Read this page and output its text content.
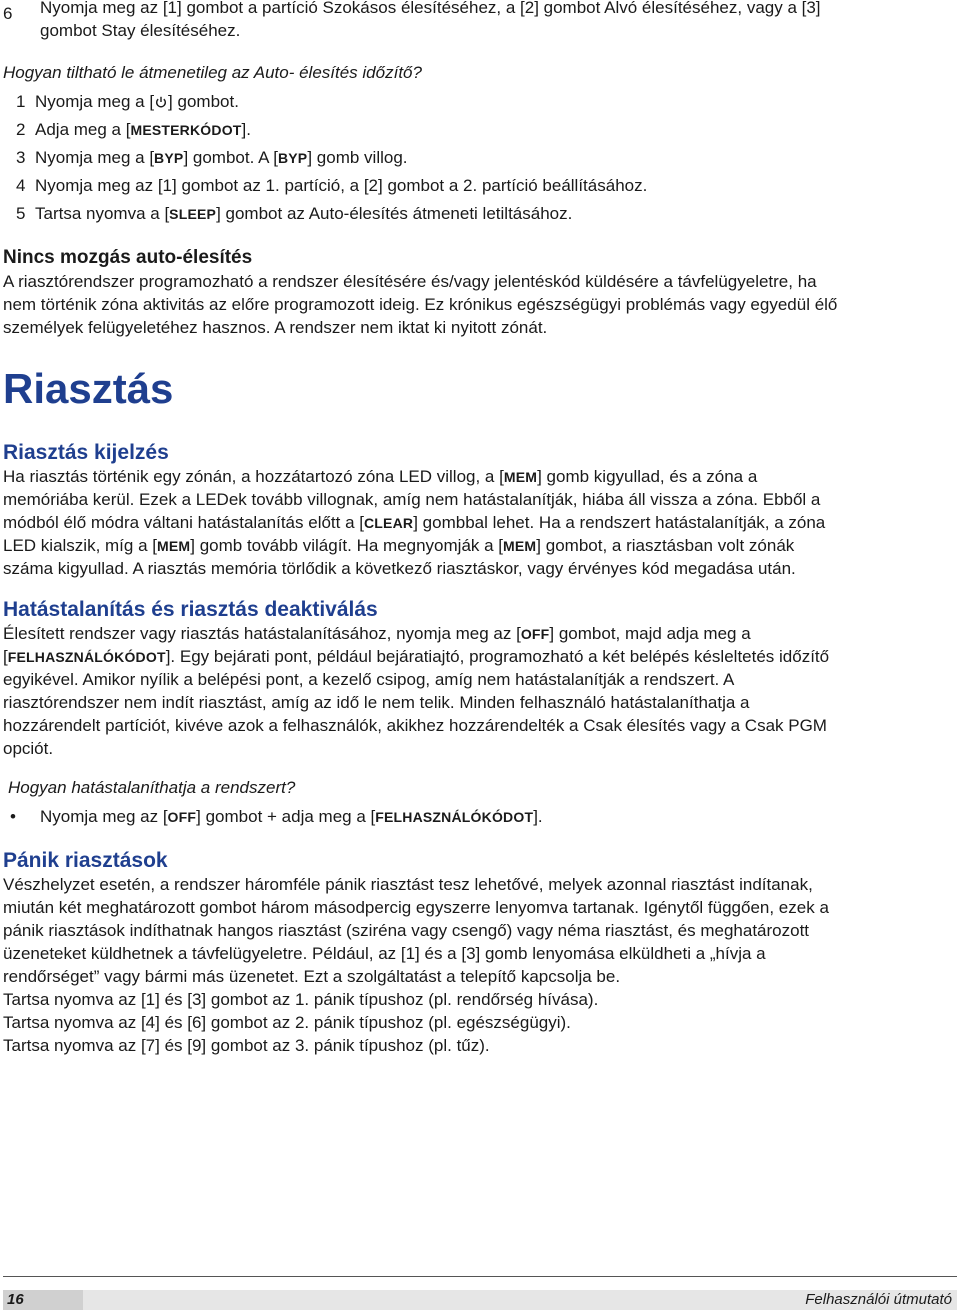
6 Nyomja meg az [1] gombot a partíció Szokásos élesítéséhez, a [2] gombot Alvó élesítéséhez, vagy a [3]
gombot Stay élesítéséhez.
Hogyan tiltható le átmenetileg az Auto- élesítés időzítő?
1 Nyomja meg a [ ] gombot.
2 Adja meg a [MESTERKÓDOT].
3 Nyomja meg a [BYP] gombot. A [BYP] gomb villog.
4 Nyomja meg az [1] gombot az 1. partíció, a [2] gombot a 2. partíció beállításához.
5 Tartsa nyomva a [SLEEP] gombot az Auto-élesítés átmeneti letiltásához.
Nincs mozgás auto-élesítés
A riasztórendszer programozható a rendszer élesítésére és/vagy jelentéskód küldésére a távfelügyeletre, ha
nem történik zóna aktivitás az előre programozott ideig. Ez krónikus egészségügyi problémás vagy egyedül élő
személyek felügyeletéhez hasznos. A rendszer nem iktat ki nyitott zónát.
Riasztás
Riasztás kijelzés
Ha riasztás történik egy zónán, a hozzátartozó zóna LED villog, a [MEM] gomb kigyullad, és a zóna a
memóriába kerül. Ezek a LEDek tovább villognak, amíg nem hatástalanítják, hiába áll vissza a zóna. Ebből a
módból élő módra váltani hatástalanítás előtt a [CLEAR] gombbal lehet. Ha a rendszert hatástalanítják, a zóna
LED kialszik, míg a [MEM] gomb tovább világít. Ha megnyomják a [MEM] gombot, a riasztásban volt zónák
száma kigyullad. A riasztás memória törlődik a következő riasztáskor, vagy érvényes kód megadása után.
Hatástalanítás és riasztás deaktiválás
Élesített rendszer vagy riasztás hatástalanításához, nyomja meg az [OFF] gombot, majd adja meg a
[FELHASZNÁLÓKÓDOT]. Egy bejárati pont, például bejáratiajtó, programozható a két belépés késleltetés időzítő
egyikével. Amikor nyílik a belépési pont, a kezelő csipog, amíg nem hatástalanítják a rendszert. A
riasztórendszer nem indít riasztást, amíg az idő le nem telik. Minden felhasználó hatástalaníthatja a
hozzárendelt partíciót, kivéve azok a felhasználók, akikhez hozzárendelték a Csak élesítés vagy a Csak PGM
opciót.
Hogyan hatástalaníthatja a rendszert?
• Nyomja meg az [OFF] gombot + adja meg a [FELHASZNÁLÓKÓDOT].
Pánik riasztások
Vészhelyzet esetén, a rendszer háromféle pánik riasztást tesz lehetővé, melyek azonnal riasztást indítanak,
miután két meghatározott gombot három másodpercig egyszerre lenyomva tartanak. Igénytől függően, ezek a
pánik riasztások indíthatnak hangos riasztást (sziréna vagy csengő) vagy néma riasztást, és meghatározott
üzeneteket küldhetnek a távfelügyeletre. Például, az [1] és a [3] gomb lenyomása elküldheti a „hívja a
rendőrséget” vagy bármi más üzenetet. Ezt a szolgáltatást a telepítő kapcsolja be.
Tartsa nyomva az [1] és [3] gombot az 1. pánik típushoz (pl. rendőrség hívása).
Tartsa nyomva az [4] és [6] gombot az 2. pánik típushoz (pl. egészségügyi).
Tartsa nyomva az [7] és [9] gombot az 3. pánik típushoz (pl. tűz).
16	Felhasználói útmutató
